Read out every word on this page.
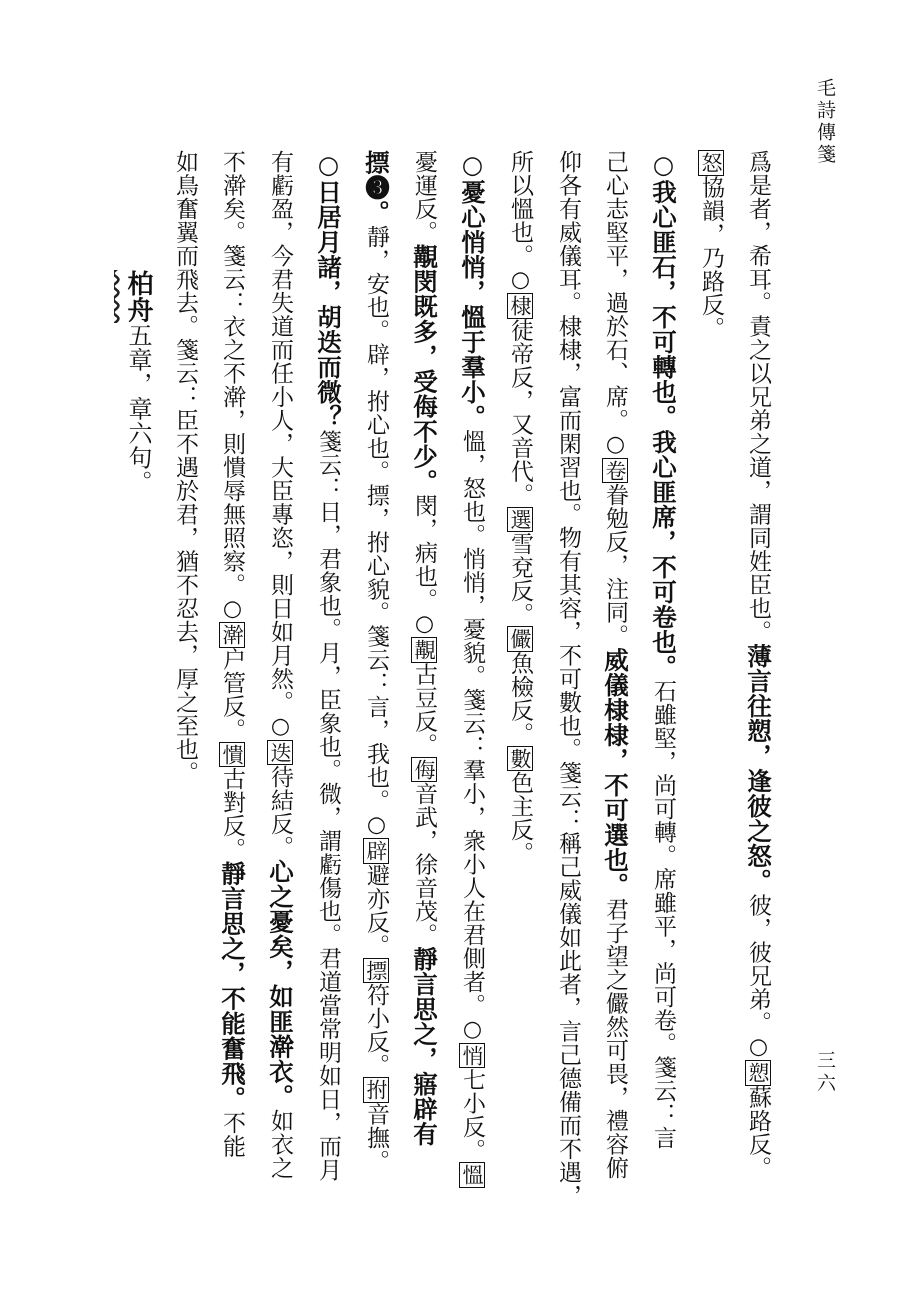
毛詩傳箋
三六
爲是者，希耳。責之以兄弟之道，謂同姓臣也。薄言往愬，逢彼之怒。彼，彼兄弟。○愬蘇路反。
怒協韻，乃路反。
○我心匪石，不可轉也。我心匪席，不可卷也。石雖堅，尚可轉。席雖平，尚可卷。箋云：言
己心志堅平，過於石、席。○卷眷勉反，注同。威儀棣棣，不可選也。君子望之儼然可畏，禮容俯
仰各有威儀耳。棣棣，富而閑習也。物有其容，不可數也。箋云：稱己威儀如此者，言己德備而不遇，
所以慍也。○棣徒帝反，又音代。選雪兗反。儼魚檢反。數色主反。
○憂心悄悄，慍于羣小。慍，怒也。悄悄，憂貌。箋云：羣小，衆小人在君側者。○悄七小反。慍
憂運反。覯閔既多，受侮不少。閔，病也。○覯古豆反。侮音武，徐音茂。靜言思之，寤辟有
摽❸。靜，安也。辟，拊心也。摽，拊心貌。箋云：言，我也。○辟避亦反。摽符小反。拊音撫。
○日居月諸，胡迭而微？箋云：日，君象也。月，臣象也。微，謂虧傷也。君道當常明如日，而月
有虧盈，今君失道而任小人，大臣專恣，則日如月然。○迭待結反。心之憂矣，如匪澣衣。如衣之
不澣矣。箋云：衣之不澣，則憒辱無照察。○澣户管反。憒古對反。靜言思之，不能奮飛。不能
如鳥奮翼而飛去。箋云：臣不遇於君，猶不忍去，厚之至也。
柏舟五章，章六句。
